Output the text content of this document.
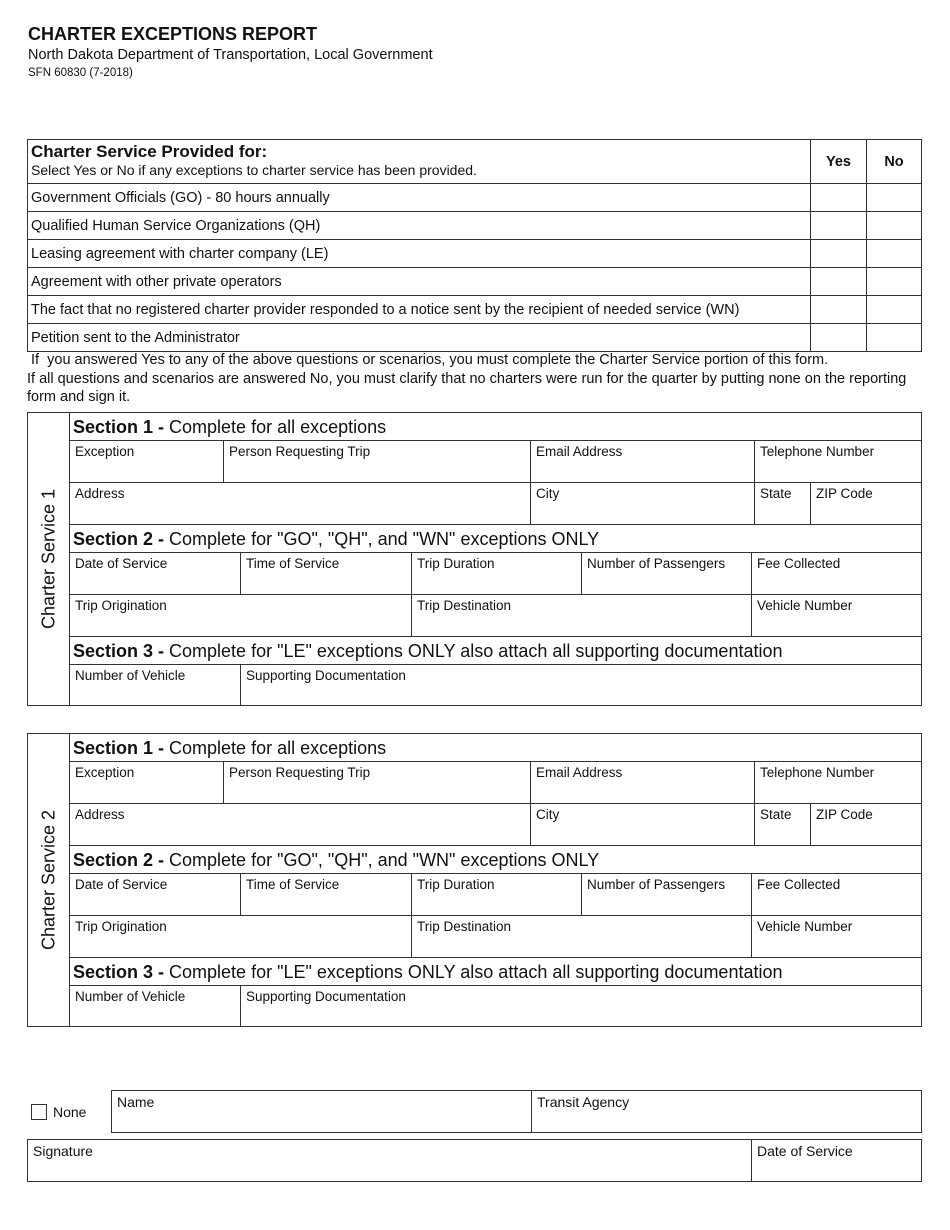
CHARTER EXCEPTIONS REPORT
North Dakota Department of Transportation, Local Government
SFN 60830 (7-2018)
Charter Service Provided for:
Select Yes or No if any exceptions to charter service has been provided.	Yes	No
Government Officials (GO) - 80 hours annually		
Qualified Human Service Organizations (QH)		
Leasing agreement with charter company (LE)		
Agreement with other private operators		
The fact that no registered charter provider responded to a notice sent by the recipient of needed service (WN)		
Petition sent to the Administrator		

If  you answered Yes to any of the above questions or scenarios, you must complete the Charter Service portion of this form.

If all questions and scenarios are answered No, you must clarify that no charters were run for the quarter by putting none on the reporting form and sign it.

Charter Service 1
Section 1 - Complete for all exceptions
Exception	Person Requesting Trip	Email Address	Telephone Number
Address	City	State	ZIP Code
Section 2 - Complete for "GO", "QH", and "WN" exceptions ONLY
Date of Service	Time of Service	Trip Duration	Number of Passengers	Fee Collected
Trip Origination	Trip Destination	Vehicle Number
Section 3 - Complete for "LE" exceptions ONLY also attach all supporting documentation
Number of Vehicle	Supporting Documentation
Charter Service 2
Section 1 - Complete for all exceptions
Exception	Person Requesting Trip	Email Address	Telephone Number
Address	City	State	ZIP Code
Section 2 - Complete for "GO", "QH", and "WN" exceptions ONLY
Date of Service	Time of Service	Trip Duration	Number of Passengers	Fee Collected
Trip Origination	Trip Destination	Vehicle Number
Section 3 - Complete for "LE" exceptions ONLY also attach all supporting documentation
Number of Vehicle	Supporting Documentation
None
Name	Transit Agency
Signature	Date of Service
